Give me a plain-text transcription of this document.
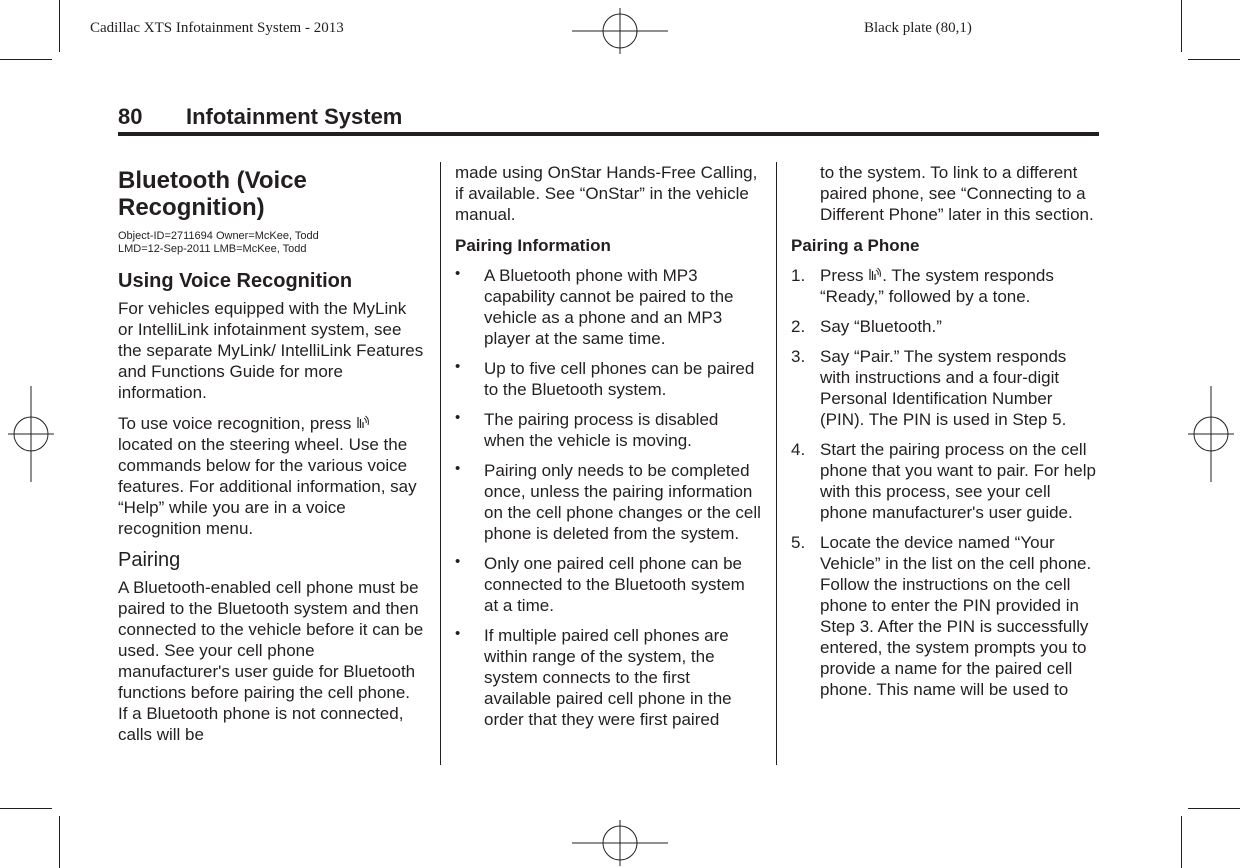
Cadillac XTS Infotainment System - 2013	Black plate (80,1)
80 Infotainment System
Bluetooth (Voice Recognition)
Object-ID=2711694 Owner=McKee, Todd
LMD=12-Sep-2011 LMB=McKee, Todd
Using Voice Recognition

For vehicles equipped with the MyLink or IntelliLink infotainment system, see the separate MyLink/ IntelliLink Features and Functions Guide for more information.

To use voice recognition, press  located on the steering wheel. Use the commands below for the various voice features. For additional information, say “Help” while you are in a voice recognition menu.

Pairing

A Bluetooth-enabled cell phone must be paired to the Bluetooth system and then connected to the vehicle before it can be used. See your cell phone manufacturer's user guide for Bluetooth functions before pairing the cell phone. If a Bluetooth phone is not connected, calls will be

made using OnStar Hands-Free Calling, if available. See “OnStar” in the vehicle manual.

Pairing Information
• A Bluetooth phone with MP3 capability cannot be paired to the vehicle as a phone and an MP3 player at the same time.
• Up to five cell phones can be paired to the Bluetooth system.
• The pairing process is disabled when the vehicle is moving.
• Pairing only needs to be completed once, unless the pairing information on the cell phone changes or the cell phone is deleted from the system.
• Only one paired cell phone can be connected to the Bluetooth system at a time.
• If multiple paired cell phones are within range of the system, the system connects to the first available paired cell phone in the order that they were first paired

to the system. To link to a different paired phone, see “Connecting to a Different Phone” later in this section.

Pairing a Phone
1. Press . The system responds “Ready,” followed by a tone.
2. Say “Bluetooth.”
3. Say “Pair.” The system responds with instructions and a four-digit Personal Identification Number (PIN). The PIN is used in Step 5.
4. Start the pairing process on the cell phone that you want to pair. For help with this process, see your cell phone manufacturer's user guide.
5. Locate the device named “Your Vehicle” in the list on the cell phone. Follow the instructions on the cell phone to enter the PIN provided in Step 3. After the PIN is successfully entered, the system prompts you to provide a name for the paired cell phone. This name will be used to
